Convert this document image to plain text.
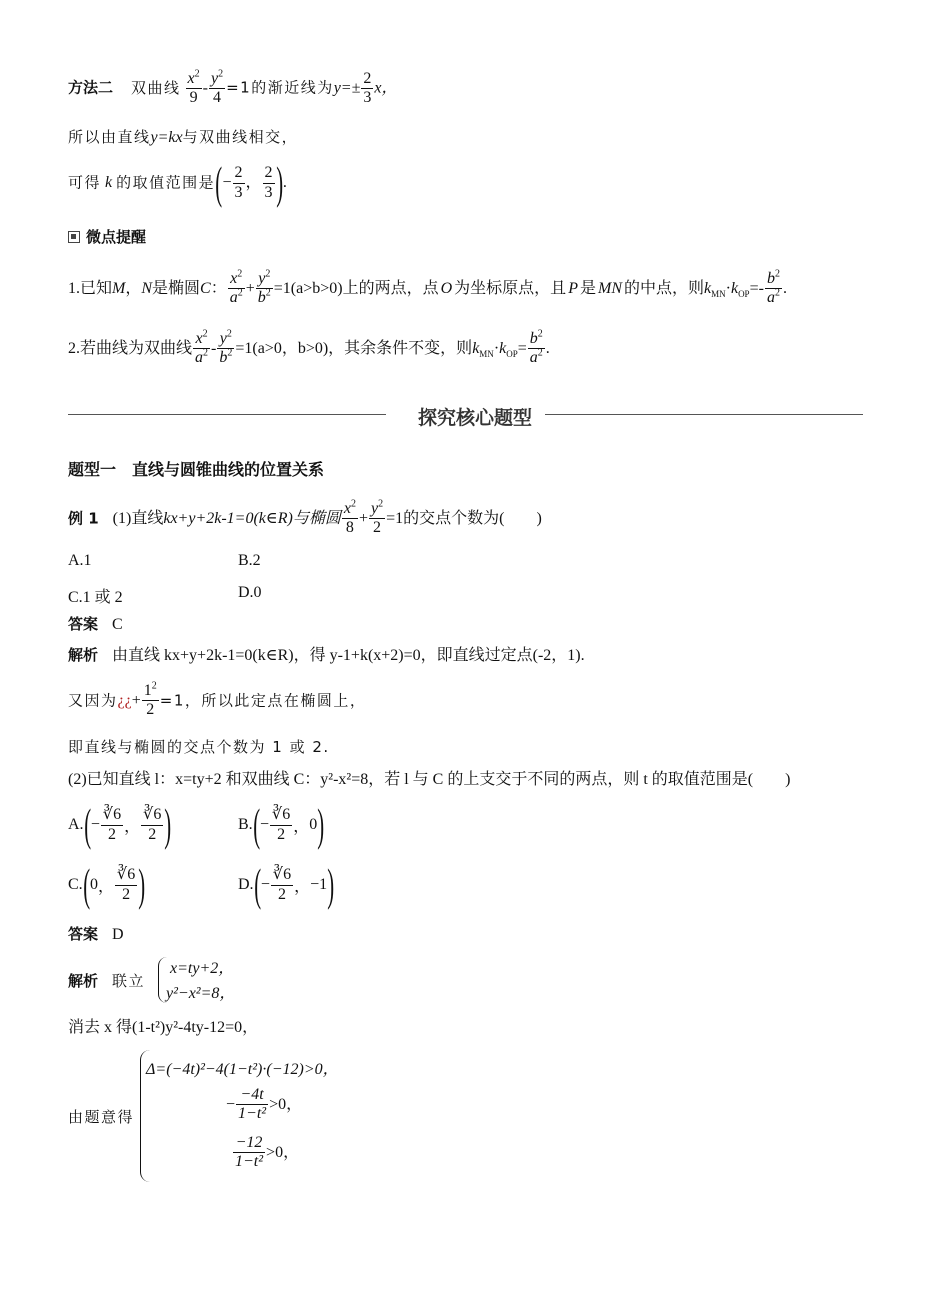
方法二 双曲线 $\frac{x^2}{9} - \frac{y^2}{4} =1$的渐近线为$y=\pm \frac{2}{3}$ x，
所以由直线y=kx与双曲线相交，
可得 k 的取值范围是(− $\frac{2}{3}$ ， $\frac{2}{3}$ ).
微点提醒
1.已知M，N是椭圆C： $\frac{x^2}{a^2} + \frac{y^2}{b^2} =1(a>b>0)$上的两点，点 O 为坐标原点，且 P 是 MN 的中点，则$k_{MN}\cdot k_{OP}=- \frac{b^2}{a^2}$ .
2.若曲线为双曲线 $\frac{x^2}{a^2} - \frac{y^2}{b^2} =1(a>0$，b>0)，其余条件不变，则$k_{MN}\cdot k_{OP}= \frac{b^2}{a^2}$ .
探究核心题型
题型一　直线与圆锥曲线的位置关系
例 1 (1)直线kx+y+2k-1=0(k∈R)与椭圆 $\frac{x^2}{8} + \frac{y^2}{2} =1$的交点个数为(　　)
A.1	B.2
C.1 或 2	D.0
答案 C
解析 由直线 kx+y+2k-1=0(k∈R)，得 y-1+k(x+2)=0，即直线过定点(-2，1).
又因为¿¿+ $\frac{1^2}{2} =1$，所以此定点在椭圆上，
即直线与椭圆的交点个数为 1 或 2.
(2)已知直线 l：x=ty+2 和双曲线 C：y²-x²=8，若 l 与 C 的上支交于不同的两点，则 t 的取值范围是(　　)
$A.(- \frac{∛6}{2}$ ， $\frac{∛6}{2}$ )	$B.(- \frac{∛6}{2}$ ，0)
C.(0， $\frac{∛6}{2}$ )	$D.(- \frac{∛6}{2}$ ，−1)
答案 D
解析 联立
x=ty+2，
y²−x²=8，
消去 x 得(1-t²)y²-4ty-12=0，
由题意得
Δ=(−4t)²−4(1−t²)·(−12)>0，
− $\frac{-4t}{\text{1−t²}} >0$，
$\frac{-12}{\text{1−t²}} >0$，
